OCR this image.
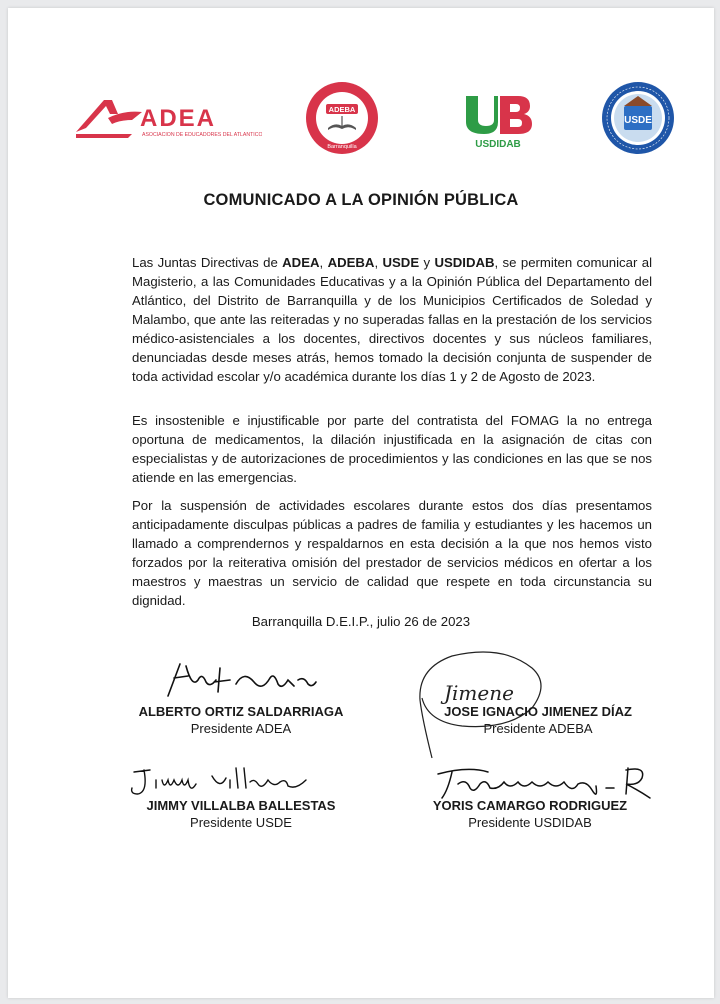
ADEA
ASOCIACION DE EDUCADORES DEL ATLANTICO
ADEBA
Barranquilla	USDIDAB
USDE
COMUNICADO A LA OPINIÓN PÚBLICA
Las Juntas Directivas de ADEA, ADEBA, USDE y USDIDAB, se permiten comunicar al Magisterio, a las Comunidades Educativas y a la Opinión Pública del Departamento del Atlántico, del Distrito de Barranquilla y de los Municipios Certificados de Soledad y Malambo, que ante las reiteradas y no superadas fallas en la prestación de los servicios médico-asistenciales a los docentes, directivos docentes y sus núcleos familiares, denunciadas desde meses atrás, hemos tomado la decisión conjunta de suspender de toda actividad escolar y/o académica durante los días 1 y 2 de Agosto de 2023.
Es insostenible e injustificable por parte del contratista del FOMAG la no entrega oportuna de medicamentos, la dilación injustificada en la asignación de citas con especialistas y de autorizaciones de procedimientos y las condiciones en las que se nos atiende en las emergencias.
Por la suspensión de actividades escolares durante estos dos días presentamos anticipadamente disculpas públicas a padres de familia y estudiantes y les hacemos un llamado a comprendernos y respaldarnos en esta decisión a la que nos hemos visto forzados por la reiterativa omisión del prestador de servicios médicos en ofertar a los maestros y maestras un servicio de calidad que respete en toda circunstancia su dignidad.
Barranquilla D.E.I.P., julio 26 de 2023
ALBERTO ORTIZ SALDARRIAGA
Presidente ADEA
Jimene
JOSE IGNACIO JIMENEZ DÍAZ
Presidente ADEBA
JIMMY VILLALBA BALLESTAS
Presidente USDE
YORIS CAMARGO RODRIGUEZ
Presidente USDIDAB
